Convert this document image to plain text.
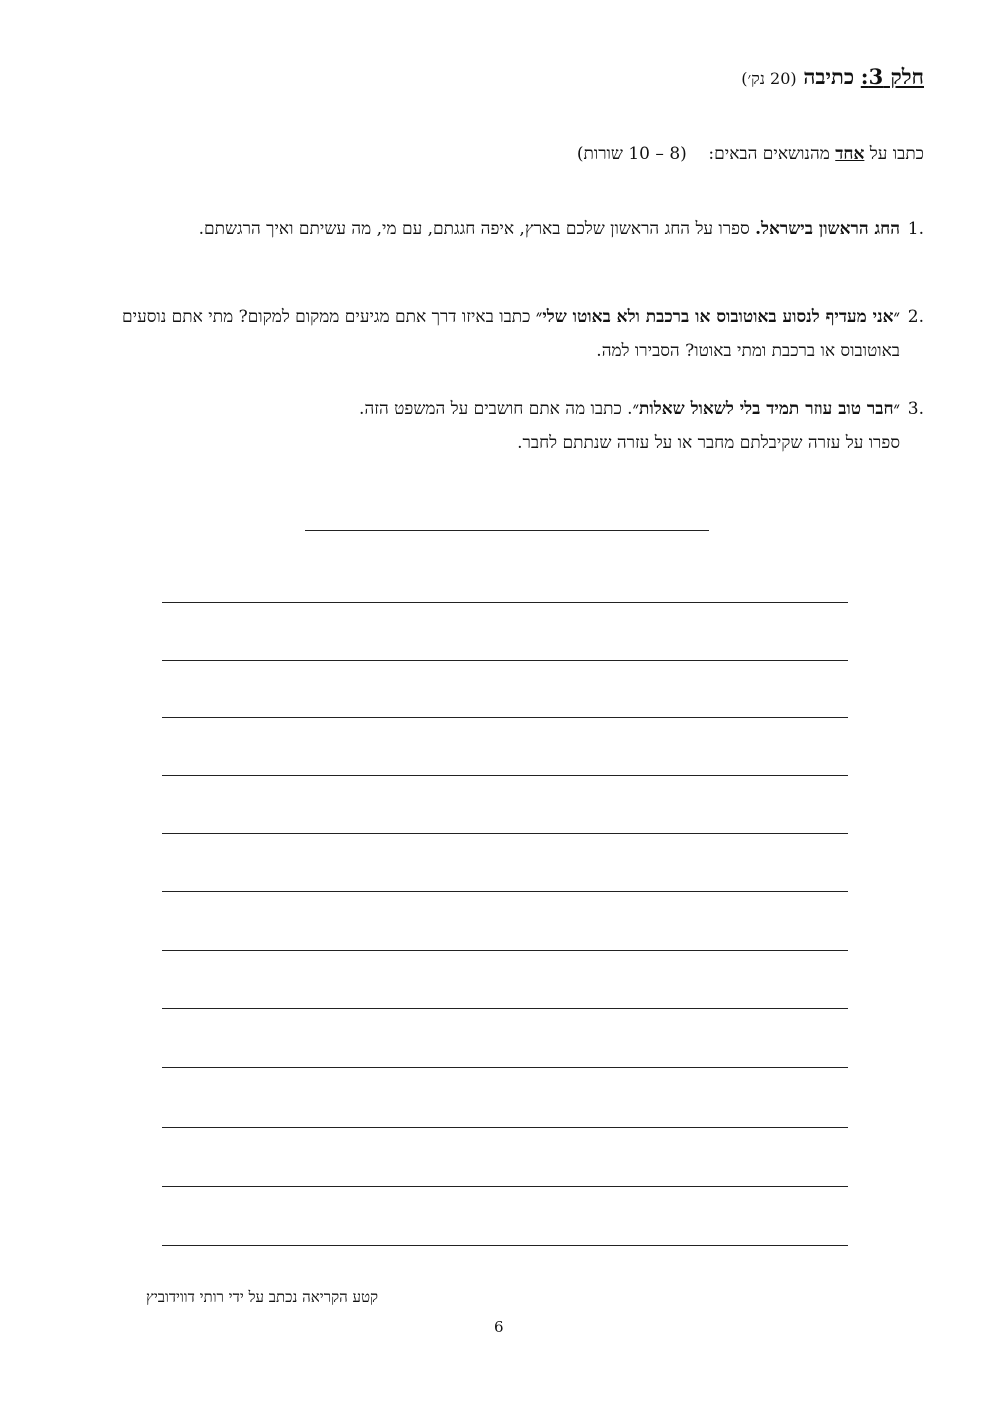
חלק 3: כתיבה (20 נק׳)
כתבו על אחד מהנושאים הבאים:    (8 – 10 שורות)
.1
החג הראשון בישראל. ספרו על החג הראשון שלכם בארץ, איפה חגגתם, עם מי, מה עשיתם ואיך הרגשתם.
.2
״אני מעדיף לנסוע באוטובוס או ברכבת ולא באוטו שלי״ כתבו באיזו דרך אתם מגיעים ממקום למקום? מתי אתם נוסעים באוטובוס או ברכבת ומתי באוטו? הסבירו למה.
.3
״חבר טוב עוזר תמיד בלי לשאול שאלות״. כתבו מה אתם חושבים על המשפט הזה.
ספרו על עזרה שקיבלתם מחבר או על עזרה שנתתם לחבר.
קטע הקריאה נכתב על ידי רותי דווידוביץ
6
